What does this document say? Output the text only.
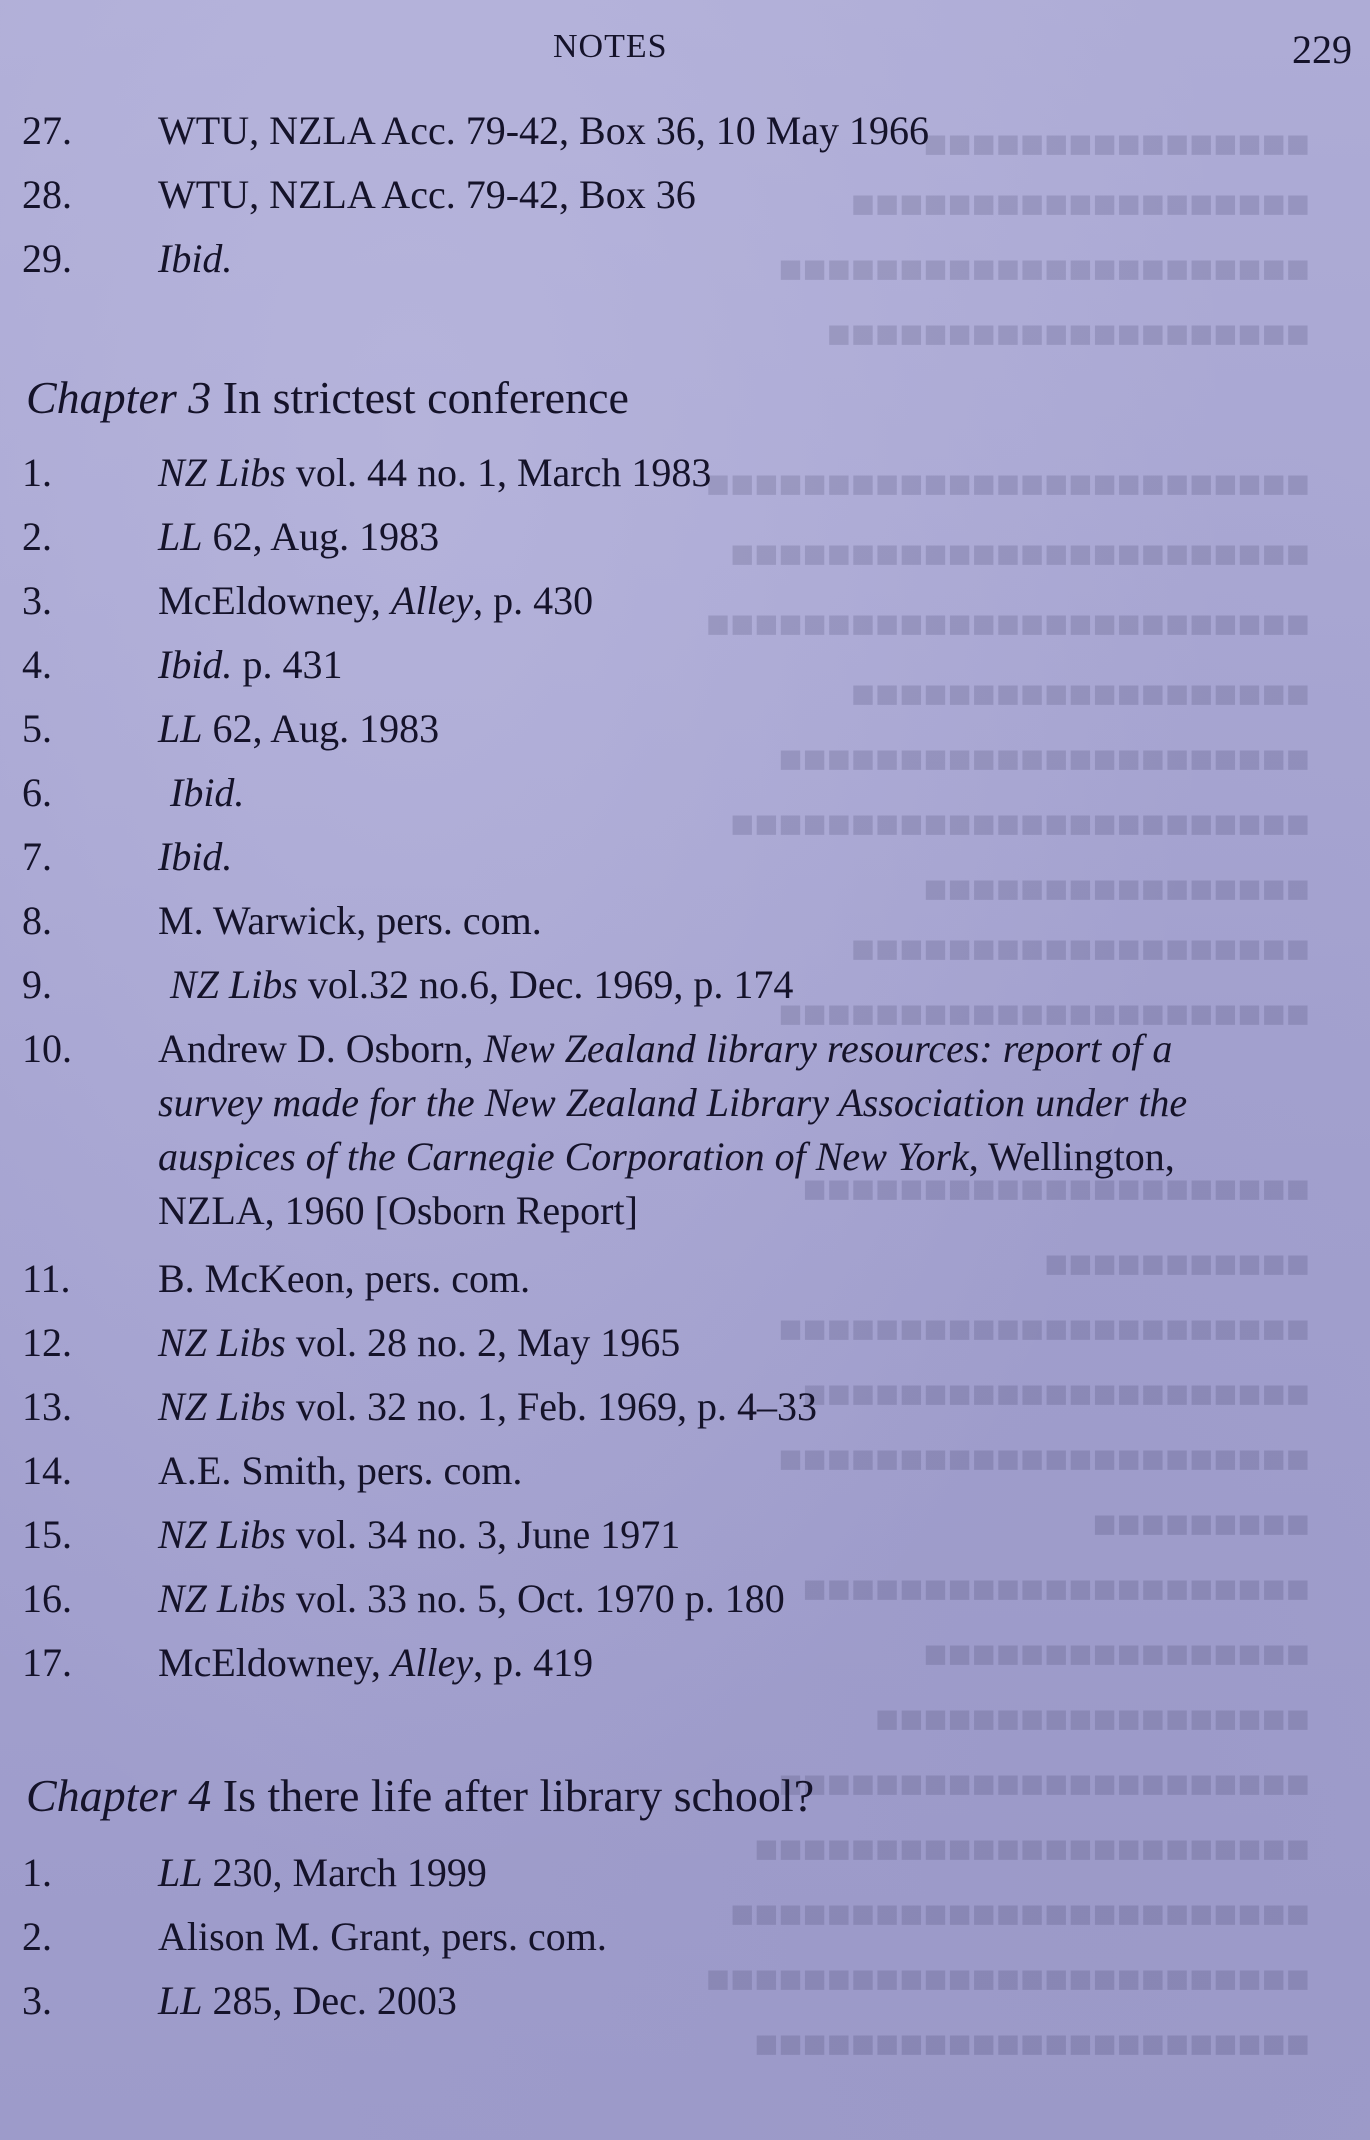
■■■■■■■■■■■■■■■■
■■■■■■■■■■■■■■■■■■■
■■■■■■■■■■■■■■■■■■■■■■
■■■■■■■■■■■■■■■■■■■■
■■■■■■■■■■■■■■■■■■■■■■■■■
■■■■■■■■■■■■■■■■■■■■■■■■
■■■■■■■■■■■■■■■■■■■■■■■■■
■■■■■■■■■■■■■■■■■■■
■■■■■■■■■■■■■■■■■■■■■■
■■■■■■■■■■■■■■■■■■■■■■■■
■■■■■■■■■■■■■■■■
■■■■■■■■■■■■■■■■■■■
■■■■■■■■■■■■■■■■■■■■■■
■■■■■■■■■■■■■■■■■■■■■
■■■■■■■■■■■
■■■■■■■■■■■■■■■■■■■■■■
■■■■■■■■■■■■■■■■■■■■■
■■■■■■■■■■■■■■■■■■■■■■
■■■■■■■■■
■■■■■■■■■■■■■■■■■■■■■
■■■■■■■■■■■■■■■■
■■■■■■■■■■■■■■■■■■
■■■■■■■■■■■■■■■■■■■■■■
■■■■■■■■■■■■■■■■■■■■■■■
■■■■■■■■■■■■■■■■■■■■■■■■
■■■■■■■■■■■■■■■■■■■■■■■■■
■■■■■■■■■■■■■■■■■■■■■■■
NOTES	229
27. WTU, NZLA Acc. 79-42, Box 36, 10 May 1966
28. WTU, NZLA Acc. 79-42, Box 36
29. Ibid.
Chapter 3 In strictest conference
1.	NZ Libs vol. 44 no. 1, March 1983
2.	LL 62, Aug. 1983
3.	McEldowney, Alley, p. 430
4.	Ibid. p. 431
5.	LL 62, Aug. 1983
6.	Ibid.
7.	Ibid.
8.	M. Warwick, pers. com.
9.	NZ Libs vol.32 no.6, Dec. 1969, p. 174
10. Andrew D. Osborn, New Zealand library resources: report of a survey made for the New Zealand Library Association under the auspices of the Carnegie Corporation of New York, Wellington, NZLA, 1960 [Osborn Report]
11. B. McKeon, pers. com.
12. NZ Libs vol. 28 no. 2, May 1965
13. NZ Libs vol. 32 no. 1, Feb. 1969, p. 4–33
14. A.E. Smith, pers. com.
15. NZ Libs vol. 34 no. 3, June 1971
16. NZ Libs vol. 33 no. 5, Oct. 1970 p. 180
17. McEldowney, Alley, p. 419
Chapter 4 Is there life after library school?
1.	LL 230, March 1999
2.	Alison M. Grant, pers. com.
3.	LL 285, Dec. 2003
